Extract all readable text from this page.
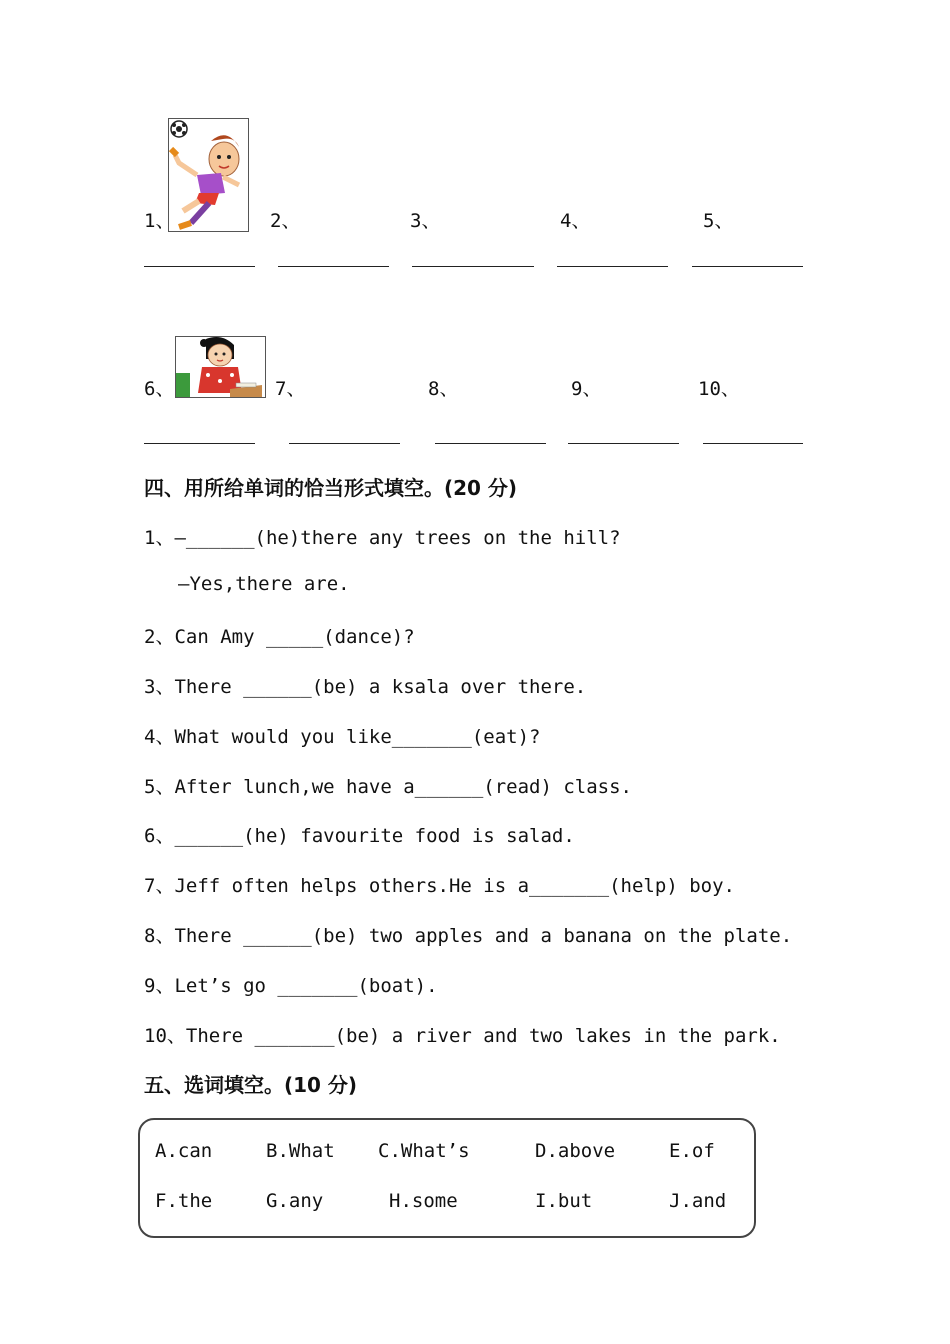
1、	2、	3、	4、	5、
6、	7、	8、	9、	10、
四、用所给单词的恰当形式填空。(20 分)
1、—______(he)there any trees on the hill?
—Yes,there are.
2、Can Amy _____(dance)?
3、There ______(be) a ksala over there.
4、What would you like_______(eat)?
5、After lunch,we have a______(read) class.
6、______(he) favourite food is salad.
7、Jeff often helps others.He is a_______(help) boy.
8、There ______(be) two apples and a banana on the plate.
9、Let’s go _______(boat).
10、There _______(be) a river and two lakes in the park.
五、选词填空。(10 分)
A.can	B.What C.What’s	D.above	E.of
F.the	G.any	H.some	I.but	J.and
